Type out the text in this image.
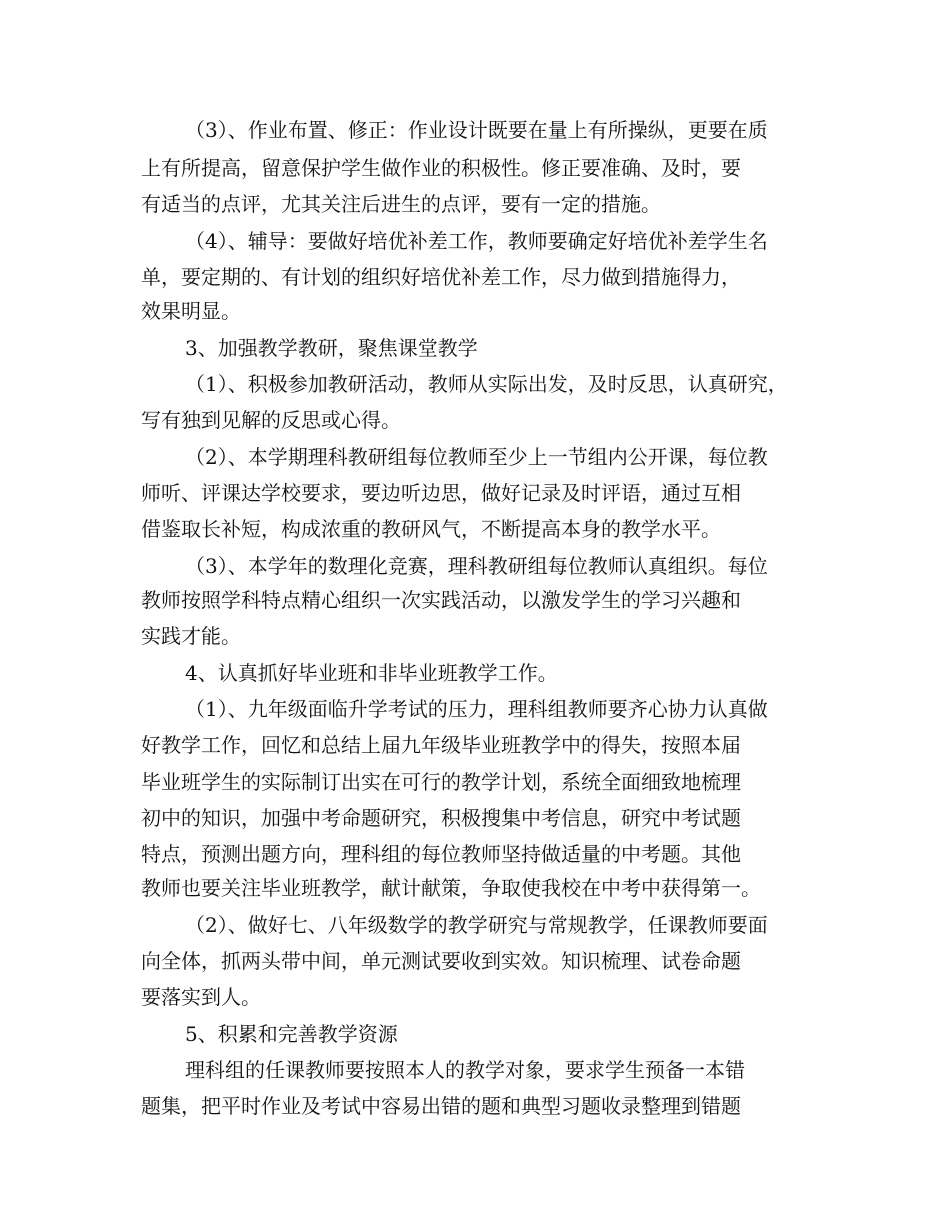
（3）、作业布置、修正：作业设计既要在量上有所操纵，更要在质
上有所提高，留意保护学生做作业的积极性。修正要准确、及时，要
有适当的点评，尤其关注后进生的点评，要有一定的措施。
（4）、辅导：要做好培优补差工作，教师要确定好培优补差学生名
单，要定期的、有计划的组织好培优补差工作，尽力做到措施得力，
效果明显。
3、加强教学教研，聚焦课堂教学
（1）、积极参加教研活动，教师从实际出发，及时反思，认真研究，
写有独到见解的反思或心得。
（2）、本学期理科教研组每位教师至少上一节组内公开课，每位教
师听、评课达学校要求，要边听边思，做好记录及时评语，通过互相
借鉴取长补短，构成浓重的教研风气，不断提高本身的教学水平。
（3）、本学年的数理化竞赛，理科教研组每位教师认真组织。每位
教师按照学科特点精心组织一次实践活动，以激发学生的学习兴趣和
实践才能。
4、认真抓好毕业班和非毕业班教学工作。
（1）、九年级面临升学考试的压力，理科组教师要齐心协力认真做
好教学工作，回忆和总结上届九年级毕业班教学中的得失，按照本届
毕业班学生的实际制订出实在可行的教学计划，系统全面细致地梳理
初中的知识，加强中考命题研究，积极搜集中考信息，研究中考试题
特点，预测出题方向，理科组的每位教师坚持做适量的中考题。其他
教师也要关注毕业班教学，献计献策，争取使我校在中考中获得第一。
（2）、做好七、八年级数学的教学研究与常规教学，任课教师要面
向全体，抓两头带中间，单元测试要收到实效。知识梳理、试卷命题
要落实到人。
5、积累和完善教学资源
理科组的任课教师要按照本人的教学对象，要求学生预备一本错
题集，把平时作业及考试中容易出错的题和典型习题收录整理到错题
